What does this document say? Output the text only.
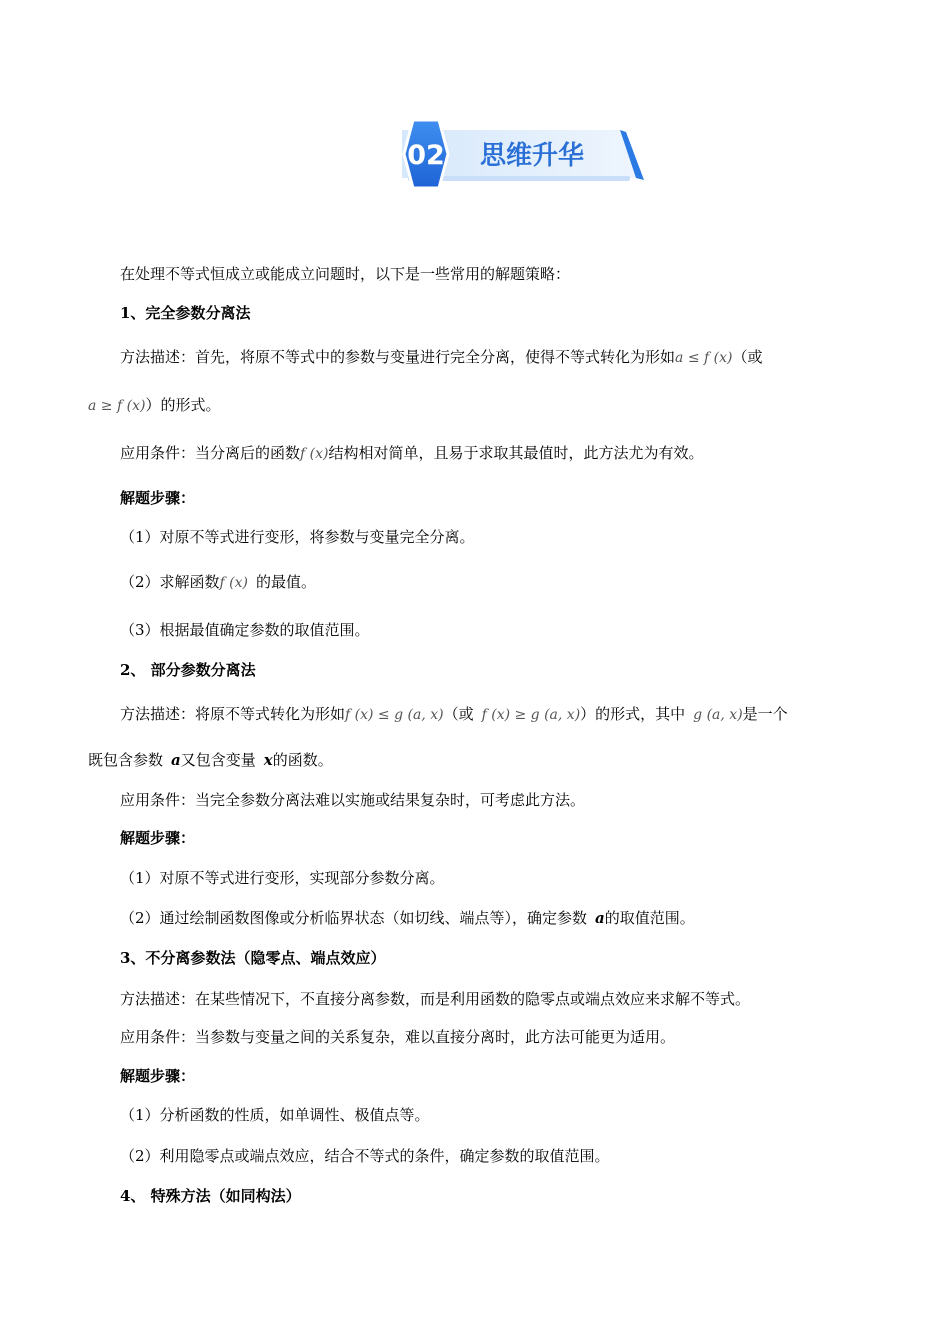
02 思维升华
在处理不等式恒成立或能成立问题时，以下是一些常用的解题策略：
1、完全参数分离法
方法描述：首先，将原不等式中的参数与变量进行完全分离，使得不等式转化为形如a ≤ f (x)（或
a ≥ f (x)）的形式。
应用条件：当分离后的函数f (x)结构相对简单，且易于求取其最值时，此方法尤为有效。
解题步骤：
（1）对原不等式进行变形，将参数与变量完全分离。
（2）求解函数f (x) 的最值。
（3）根据最值确定参数的取值范围。
2、 部分参数分离法
方法描述：将原不等式转化为形如f (x) ≤ g (a, x)（或 f (x) ≥ g (a, x)）的形式，其中 g (a, x)是一个
既包含参数 a又包含变量 x的函数。
应用条件：当完全参数分离法难以实施或结果复杂时，可考虑此方法。
解题步骤：
（1）对原不等式进行变形，实现部分参数分离。
（2）通过绘制函数图像或分析临界状态（如切线、端点等），确定参数 a的取值范围。
3、不分离参数法（隐零点、端点效应）
方法描述：在某些情况下，不直接分离参数，而是利用函数的隐零点或端点效应来求解不等式。
应用条件：当参数与变量之间的关系复杂，难以直接分离时，此方法可能更为适用。
解题步骤：
（1）分析函数的性质，如单调性、极值点等。
（2）利用隐零点或端点效应，结合不等式的条件，确定参数的取值范围。
4、 特殊方法（如同构法）
